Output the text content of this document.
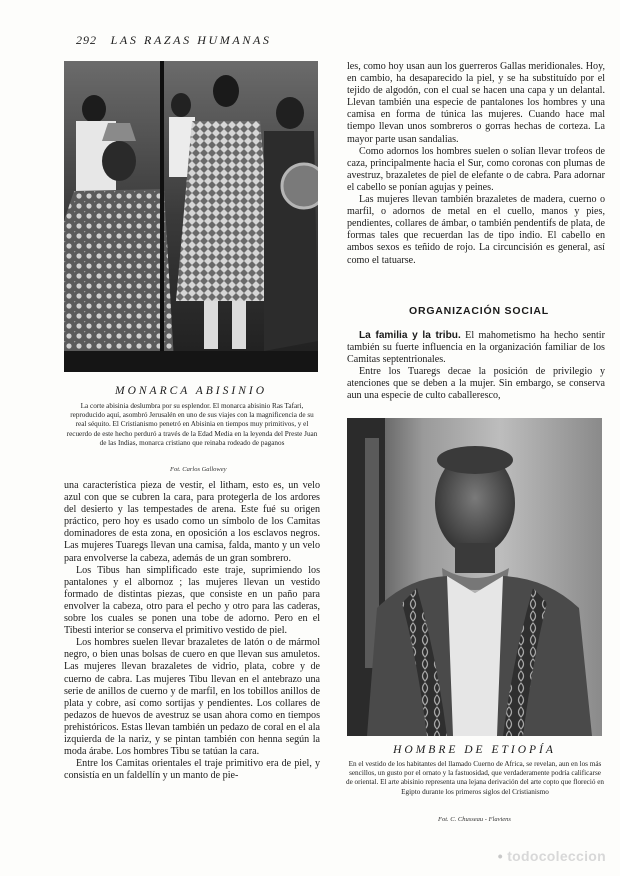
292 LAS RAZAS HUMANAS
MONARCA ABISINIO
La corte abisinia deslumbra por su esplendor. El monarca abisinio Ras Tafari, reproducido aquí, asombró Jerusalén en uno de sus viajes con la magnificencia de su real séquito. El Cristianismo penetró en Abisinia en tiempos muy primitivos, y el recuerdo de este hecho perduró a través de la Edad Media en la leyenda del Preste Juan de las Indias, monarca cristiano que reinaba rodeado de paganos
Fot. Carlos Gallowey

una característica pieza de vestir, el litham, esto es, un velo azul con que se cubren la cara, para protegerla de los ardores del desierto y las tempestades de arena. Este fué su origen práctico, pero hoy es usado como un símbolo de los Camitas dominadores de esta zona, en oposición a los esclavos negros. Las mujeres Tuaregs llevan una camisa, falda, manto y un velo para envolverse la cabeza, además de un gran sombrero.

Los Tibus han simplificado este traje, suprimiendo los pantalones y el albornoz ; las mujeres llevan un vestido formado de distintas piezas, que consiste en un paño para envolver la cabeza, otro para el pecho y otro para las caderas, sobre los cuales se ponen una tobe de adorno. Pero en el Tibesti interior se conserva el primitivo vestido de piel.

Los hombres suelen llevar brazaletes de latón o de mármol negro, o bien unas bolsas de cuero en que llevan sus amuletos. Las mujeres llevan brazaletes de vidrio, plata, cobre y de cuerno de cabra. Las mujeres Tibu llevan en el antebrazo una serie de anillos de cuerno y de marfil, en los tobillos anillos de plata y cobre, así como sortijas y pendientes. Los collares de pedazos de huevos de avestruz se usan ahora como en tiempos prehistóricos. Estas llevan también un pedazo de coral en el ala izquierda de la nariz, y se pintan también con henna según la moda árabe. Los hombres Tibu se tatúan la cara.

Entre los Camitas orientales el traje primitivo era de piel, y consistía en un faldellín y un manto de pie-

les, como hoy usan aun los guerreros Gallas meridionales. Hoy, en cambio, ha desaparecido la piel, y se ha substituído por el tejido de algodón, con el cual se hacen una capa y un delantal. Llevan también una especie de pantalones los hombres y una camisa en forma de túnica las mujeres. Cuando hace mal tiempo llevan unos sombreros o gorras hechas de corteza. La mayor parte usan sandalias.

Como adornos los hombres suelen o solían llevar trofeos de caza, principalmente hacia el Sur, como coronas con plumas de avestruz, brazaletes de piel de elefante o de cabra. Para adornar el cabello se ponían agujas y peines.

Las mujeres llevan también brazaletes de madera, cuerno o marfil, o adornos de metal en el cuello, manos y pies, pendientes, collares de ámbar, o también pendentifs de plata, de formas tales que recuerdan las de tipo indio. El cabello en ambos sexos es teñido de rojo. La circuncisión es general, así como el tatuarse.

ORGANIZACIÓN SOCIAL

La familia y la tribu. El mahometismo ha hecho sentir también su fuerte influencia en la organización familiar de los Camitas septentrionales.

Entre los Tuaregs decae la posición de privilegio y atenciones que se deben a la mujer. Sin embargo, se conserva aun una especie de culto caballeresco,

HOMBRE DE ETIOPÍA
En el vestido de los habitantes del llamado Cuerno de Africa, se revelan, aun en los más sencillos, un gusto por el ornato y la fastuosidad, que verdaderamente podría calificarse de oriental. El arte abisinio representa una lejana derivación del arte copto que floreció en Egipto durante los primeros siglos del Cristianismo
Fot. C. Chusseau - Flaviens
• todocoleccion
